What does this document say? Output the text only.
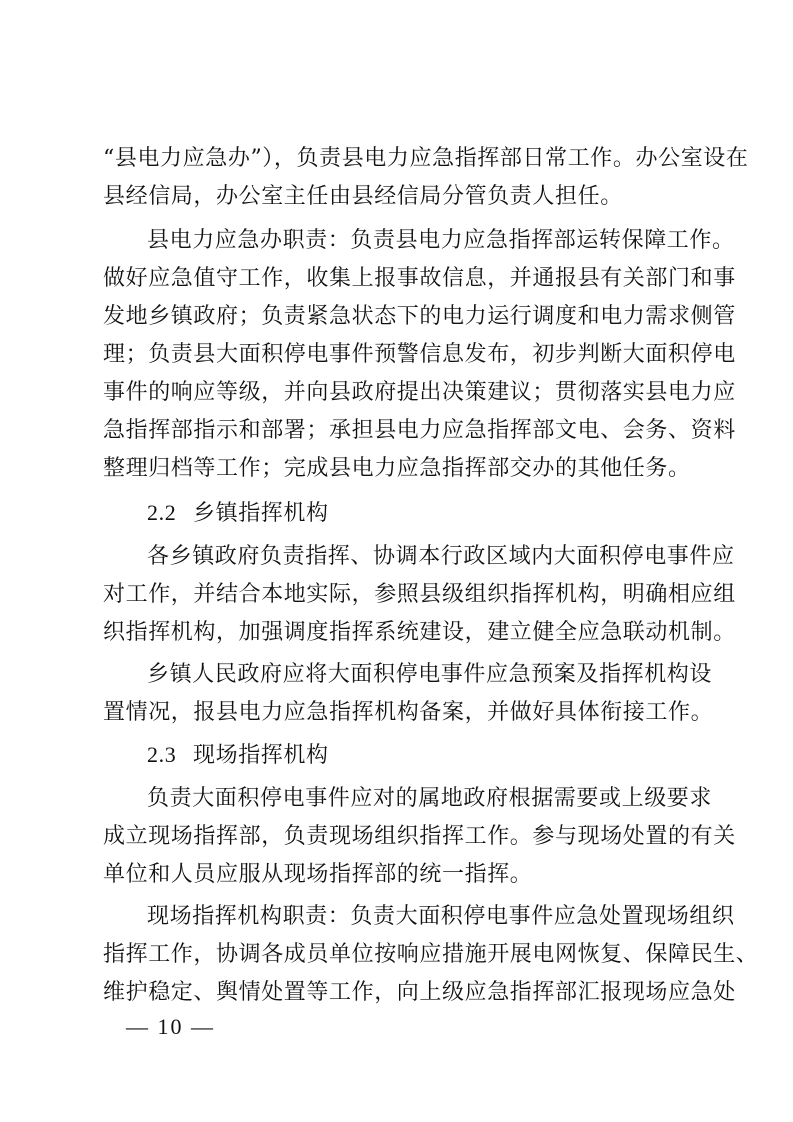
“县电力应急办”），负责县电力应急指挥部日常工作。办公室设在
县经信局，办公室主任由县经信局分管负责人担任。
县电力应急办职责：负责县电力应急指挥部运转保障工作。
做好应急值守工作，收集上报事故信息，并通报县有关部门和事
发地乡镇政府；负责紧急状态下的电力运行调度和电力需求侧管
理；负责县大面积停电事件预警信息发布，初步判断大面积停电
事件的响应等级，并向县政府提出决策建议；贯彻落实县电力应
急指挥部指示和部署；承担县电力应急指挥部文电、会务、资料
整理归档等工作；完成县电力应急指挥部交办的其他任务。
2.2 乡镇指挥机构
各乡镇政府负责指挥、协调本行政区域内大面积停电事件应
对工作，并结合本地实际，参照县级组织指挥机构，明确相应组
织指挥机构，加强调度指挥系统建设，建立健全应急联动机制。
乡镇人民政府应将大面积停电事件应急预案及指挥机构设
置情况，报县电力应急指挥机构备案，并做好具体衔接工作。
2.3 现场指挥机构
负责大面积停电事件应对的属地政府根据需要或上级要求
成立现场指挥部，负责现场组织指挥工作。参与现场处置的有关
单位和人员应服从现场指挥部的统一指挥。
现场指挥机构职责：负责大面积停电事件应急处置现场组织
指挥工作，协调各成员单位按响应措施开展电网恢复、保障民生、
维护稳定、舆情处置等工作，向上级应急指挥部汇报现场应急处
— 10 —
